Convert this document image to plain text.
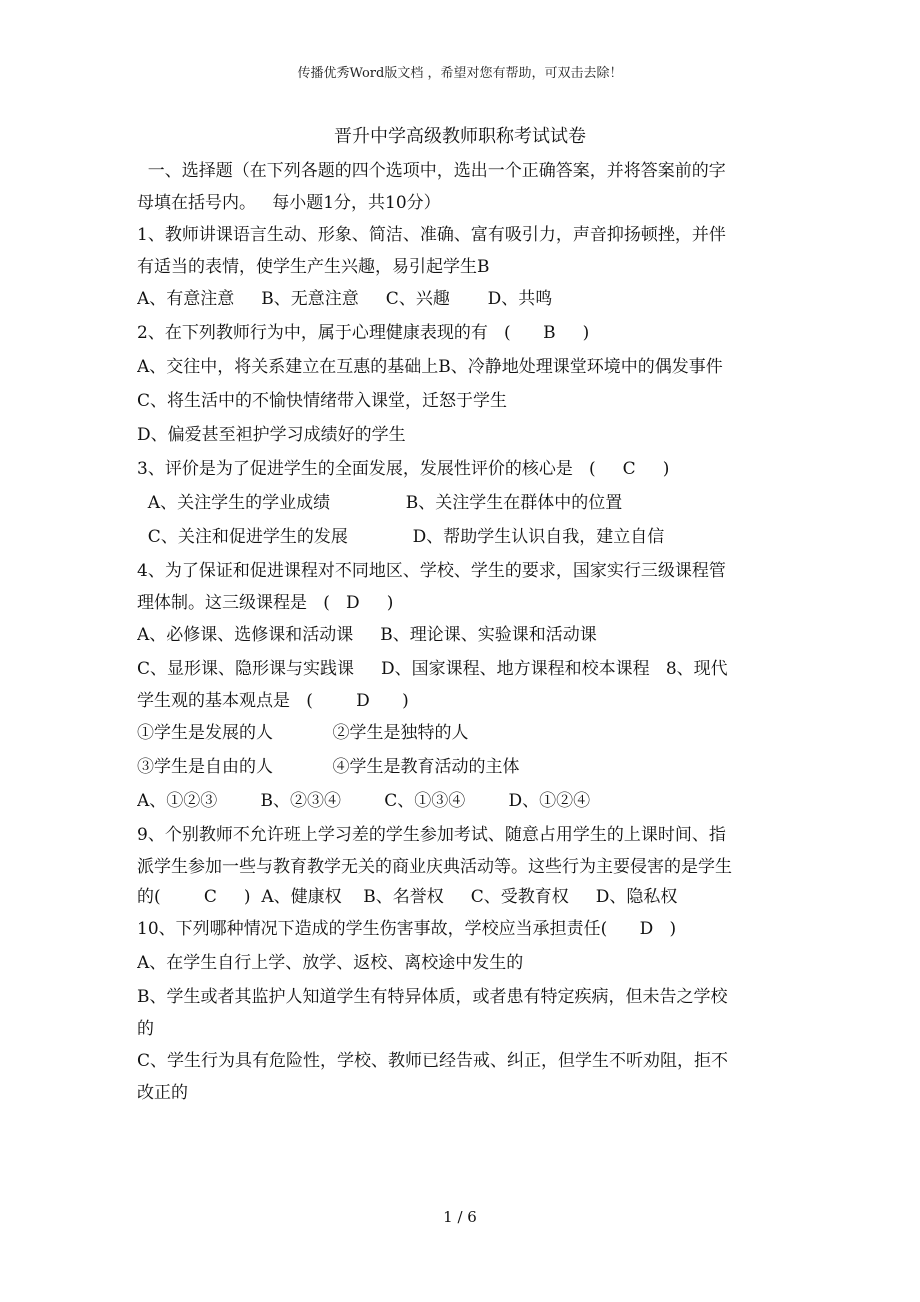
传播优秀Word版文档 ，希望对您有帮助，可双击去除！
晋升中学高级教师职称考试试卷
一、选择题（在下列各题的四个选项中，选出一个正确答案，并将答案前的字
母填在括号内。   每小题1分，共10分）
1、教师讲课语言生动、形象、简洁、准确、富有吸引力，声音抑扬顿挫，并伴
有适当的表情，使学生产生兴趣，易引起学生B
A、有意注意     B、无意注意     C、兴趣       D、共鸣
2、在下列教师行为中，属于心理健康表现的有   (      B     )
A、交往中，将关系建立在互惠的基础上B、冷静地处理课堂环境中的偶发事件
C、将生活中的不愉快情绪带入课堂，迁怒于学生
D、偏爱甚至袒护学习成绩好的学生
3、评价是为了促进学生的全面发展，发展性评价的核心是   (     C     )
A、关注学生的学业成绩              B、关注学生在群体中的位置
C、关注和促进学生的发展            D、帮助学生认识自我，建立自信
4、为了保证和促进课程对不同地区、学校、学生的要求，国家实行三级课程管
理体制。这三级课程是   (   D     )
A、必修课、选修课和活动课     B、理论课、实验课和活动课
C、显形课、隐形课与实践课     D、国家课程、地方课程和校本课程   8、现代
学生观的基本观点是   (        D      )
①学生是发展的人           ②学生是独特的人
③学生是自由的人           ④学生是教育活动的主体
A、①②③        B、②③④        C、①③④        D、①②④
9、个别教师不允许班上学习差的学生参加考试、随意占用学生的上课时间、指
派学生参加一些与教育教学无关的商业庆典活动等。这些行为主要侵害的是学生
的(        C     )  A、健康权    B、名誉权     C、受教育权     D、隐私权
10、下列哪种情况下造成的学生伤害事故，学校应当承担责任(      D   )
A、在学生自行上学、放学、返校、离校途中发生的
B、学生或者其监护人知道学生有特异体质，或者患有特定疾病，但未告之学校
的
C、学生行为具有危险性，学校、教师已经告戒、纠正，但学生不听劝阻，拒不
改正的
1 / 6
